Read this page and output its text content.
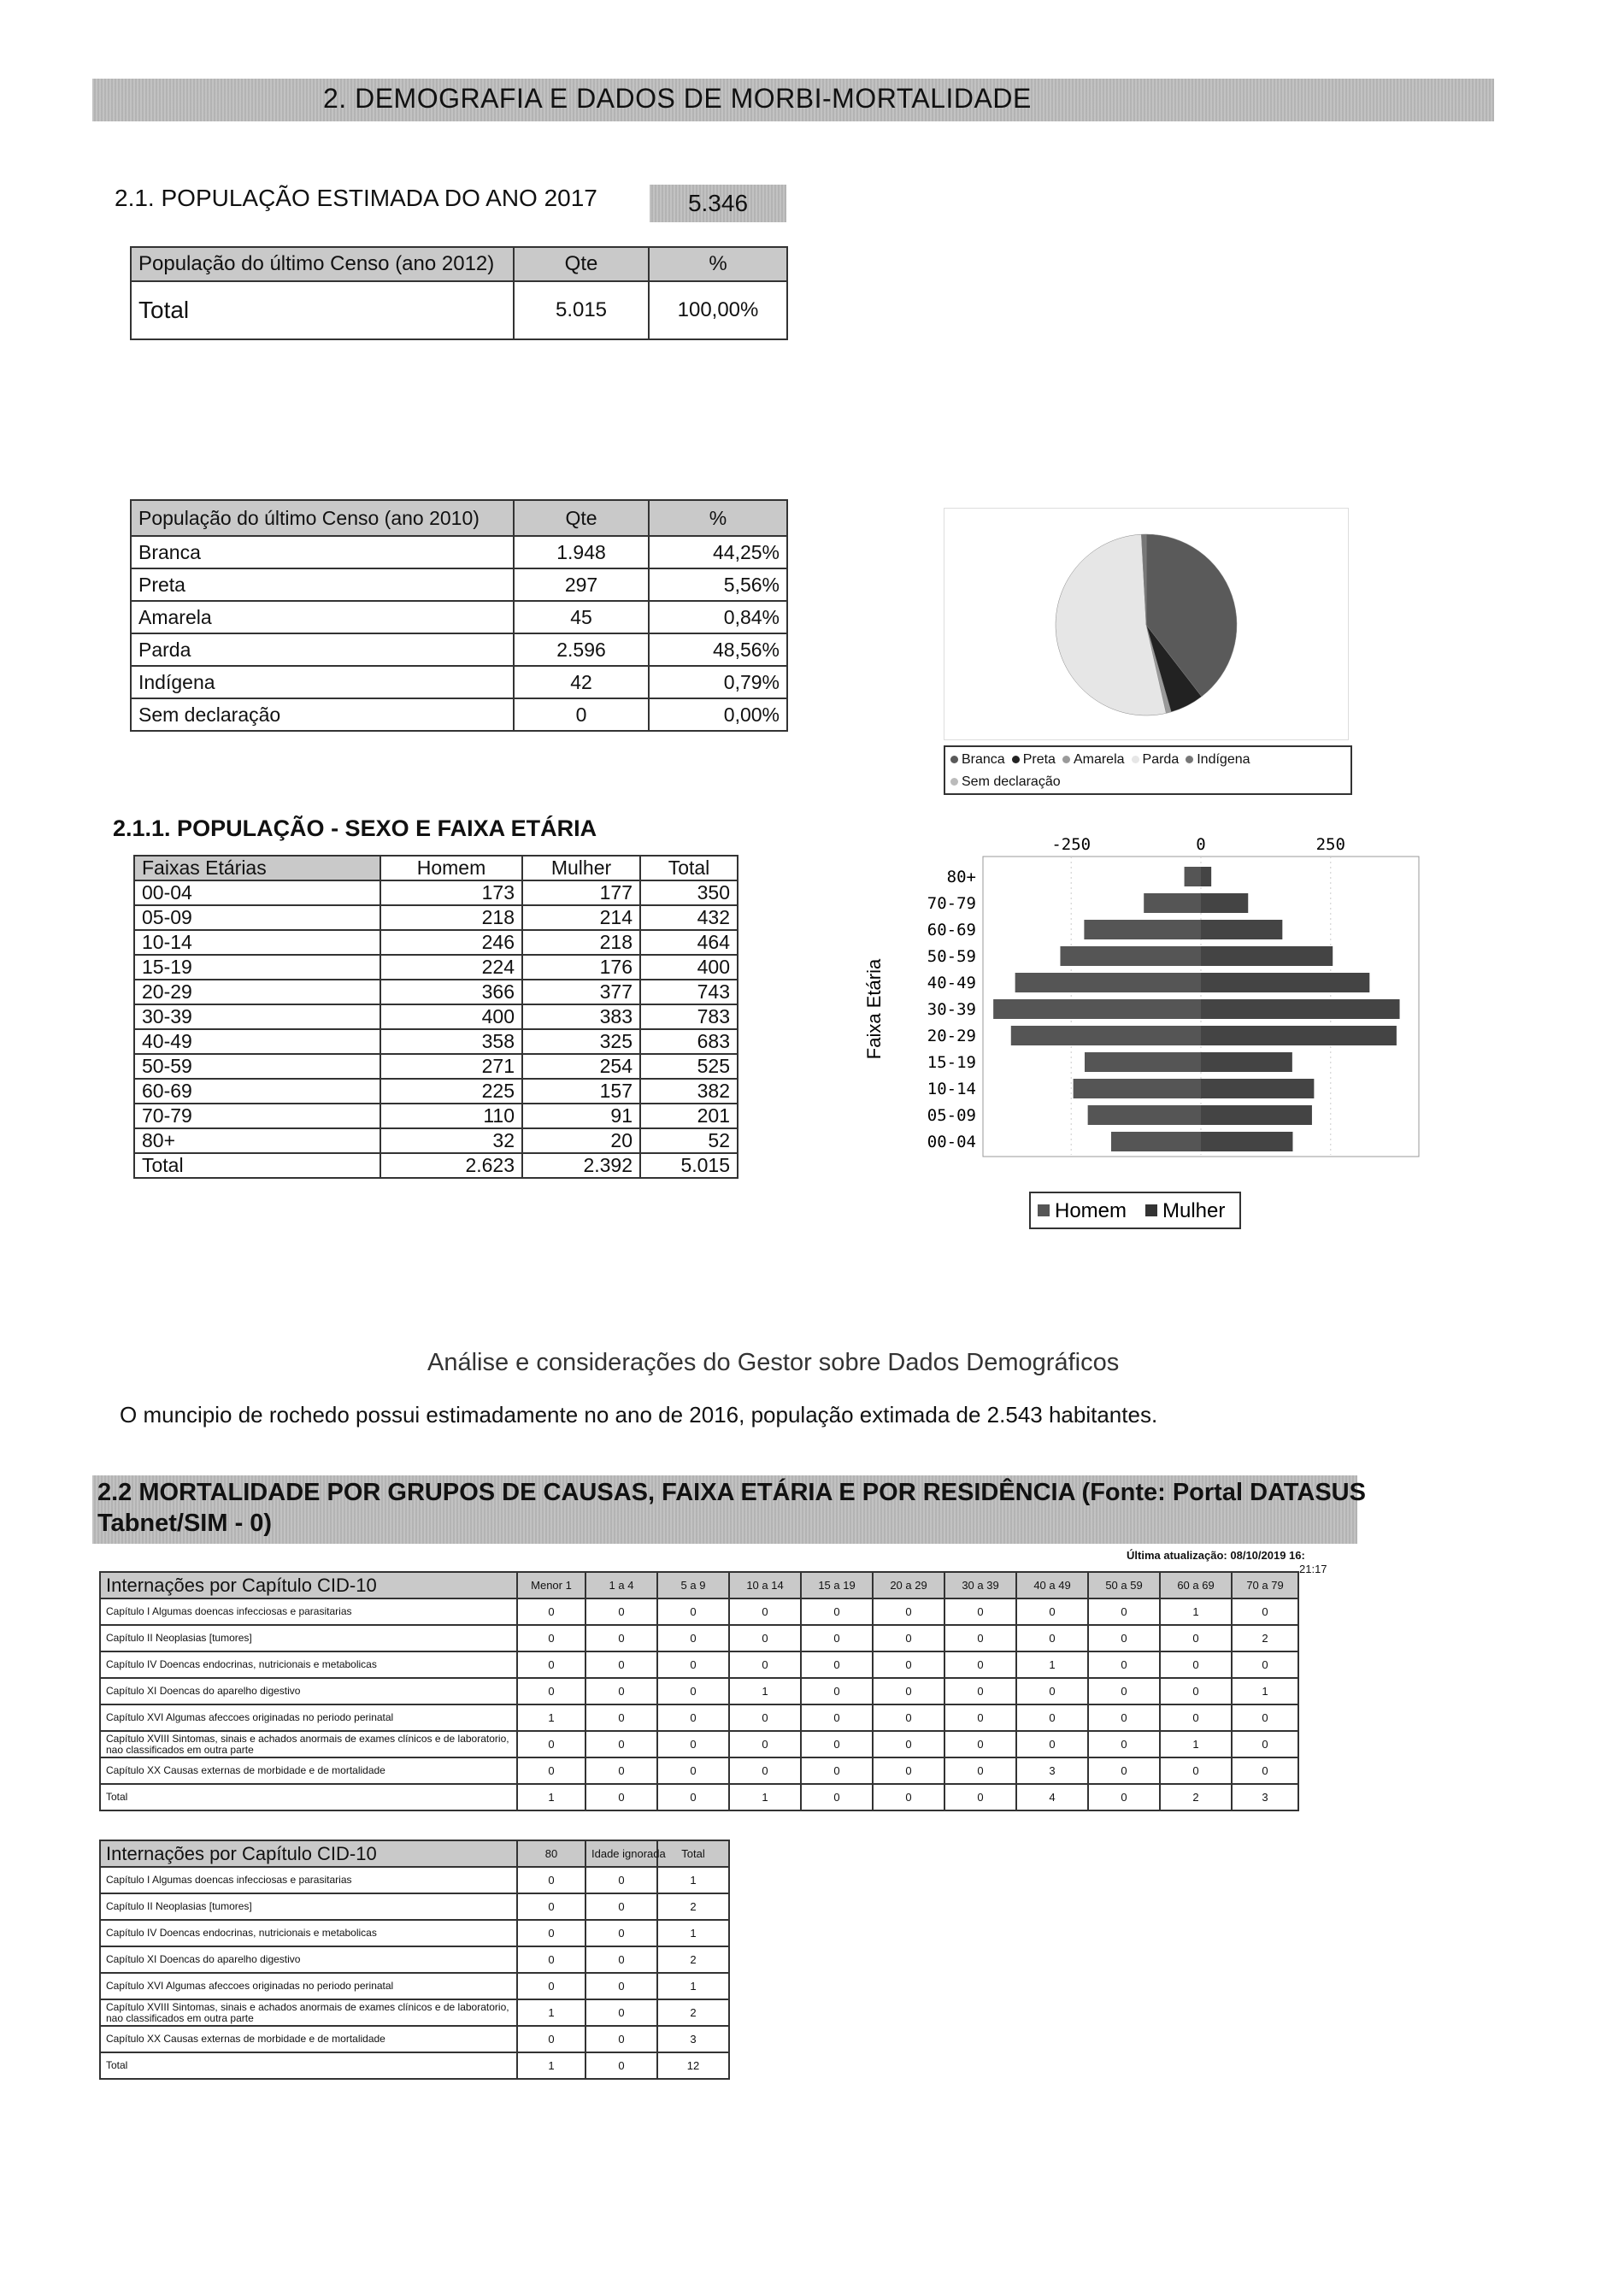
2. DEMOGRAFIA E DADOS DE MORBI-MORTALIDADE
2.1. POPULAÇÃO ESTIMADA DO ANO 2017	5.346
População do último Censo (ano 2012)	Qte	%
Total	5.015	100,00%
População do último Censo (ano 2010)	Qte	%
Branca	1.948	44,25%
Preta	297	5,56%
Amarela	45	0,84%
Parda	2.596	48,56%
Indígena	42	0,79%
Sem declaração	0	0,00%
Branca Preta Amarela Parda IndígenaSem declaração
2.1.1. POPULAÇÃO - SEXO E FAIXA ETÁRIA
Faixas Etárias	Homem	Mulher	Total
00-04	173	177	350
05-09	218	214	432
10-14	246	218	464
15-19	224	176	400
20-29	366	377	743
30-39	400	383	783
40-49	358	325	683
50-59	271	254	525
60-69	225	157	382
70-79	110	91	201
80+	32	20	52
Total	2.623	2.392	5.015
-250	0	250
80+
70-79
60-69
50-59
40-49
30-39
20-29
15-19
10-14
05-09
00-04
Faixa Etária
Homem Mulher
Análise e considerações do Gestor sobre Dados Demográficos
O muncipio de rochedo possui estimadamente no ano de 2016, população extimada de 2.543 habitantes.
2.2 MORTALIDADE POR GRUPOS DE CAUSAS, FAIXA ETÁRIA E POR RESIDÊNCIA (Fonte: Portal DATASUS
Tabnet/SIM - 0)
Última atualização: 08/10/2019 16:
21:17
Internações por Capítulo CID-10	Menor 1	1 a 4	5 a 9	10 a 14	15 a 19	20 a 29	30 a 39	40 a 49	50 a 59	60 a 69	70 a 79
Capítulo I Algumas doencas infecciosas e parasitarias	0	0	0	0	0	0	0	0	0	1	0
Capítulo II Neoplasias [tumores]	0	0	0	0	0	0	0	0	0	0	2
Capítulo IV Doencas endocrinas, nutricionais e metabolicas	0	0	0	0	0	0	0	1	0	0	0
Capítulo XI Doencas do aparelho digestivo	0	0	0	1	0	0	0	0	0	0	1
Capítulo XVI Algumas afeccoes originadas no periodo perinatal	1	0	0	0	0	0	0	0	0	0	0
Capítulo XVIII Sintomas, sinais e achados anormais de exames clínicos e de laboratorio, nao classificados em outra parte	0	0	0	0	0	0	0	0	0	1	0
Capítulo XX Causas externas de morbidade e de mortalidade	0	0	0	0	0	0	0	3	0	0	0
Total	1	0	0	1	0	0	0	4	0	2	3
Internações por Capítulo CID-10	80	Idade ignorada	Total
Capítulo I Algumas doencas infecciosas e parasitarias	0	0	1
Capítulo II Neoplasias [tumores]	0	0	2
Capítulo IV Doencas endocrinas, nutricionais e metabolicas	0	0	1
Capítulo XI Doencas do aparelho digestivo	0	0	2
Capítulo XVI Algumas afeccoes originadas no periodo perinatal	0	0	1
Capítulo XVIII Sintomas, sinais e achados anormais de exames clínicos e de laboratorio, nao classificados em outra parte	1	0	2
Capítulo XX Causas externas de morbidade e de mortalidade	0	0	3
Total	1	0	12
